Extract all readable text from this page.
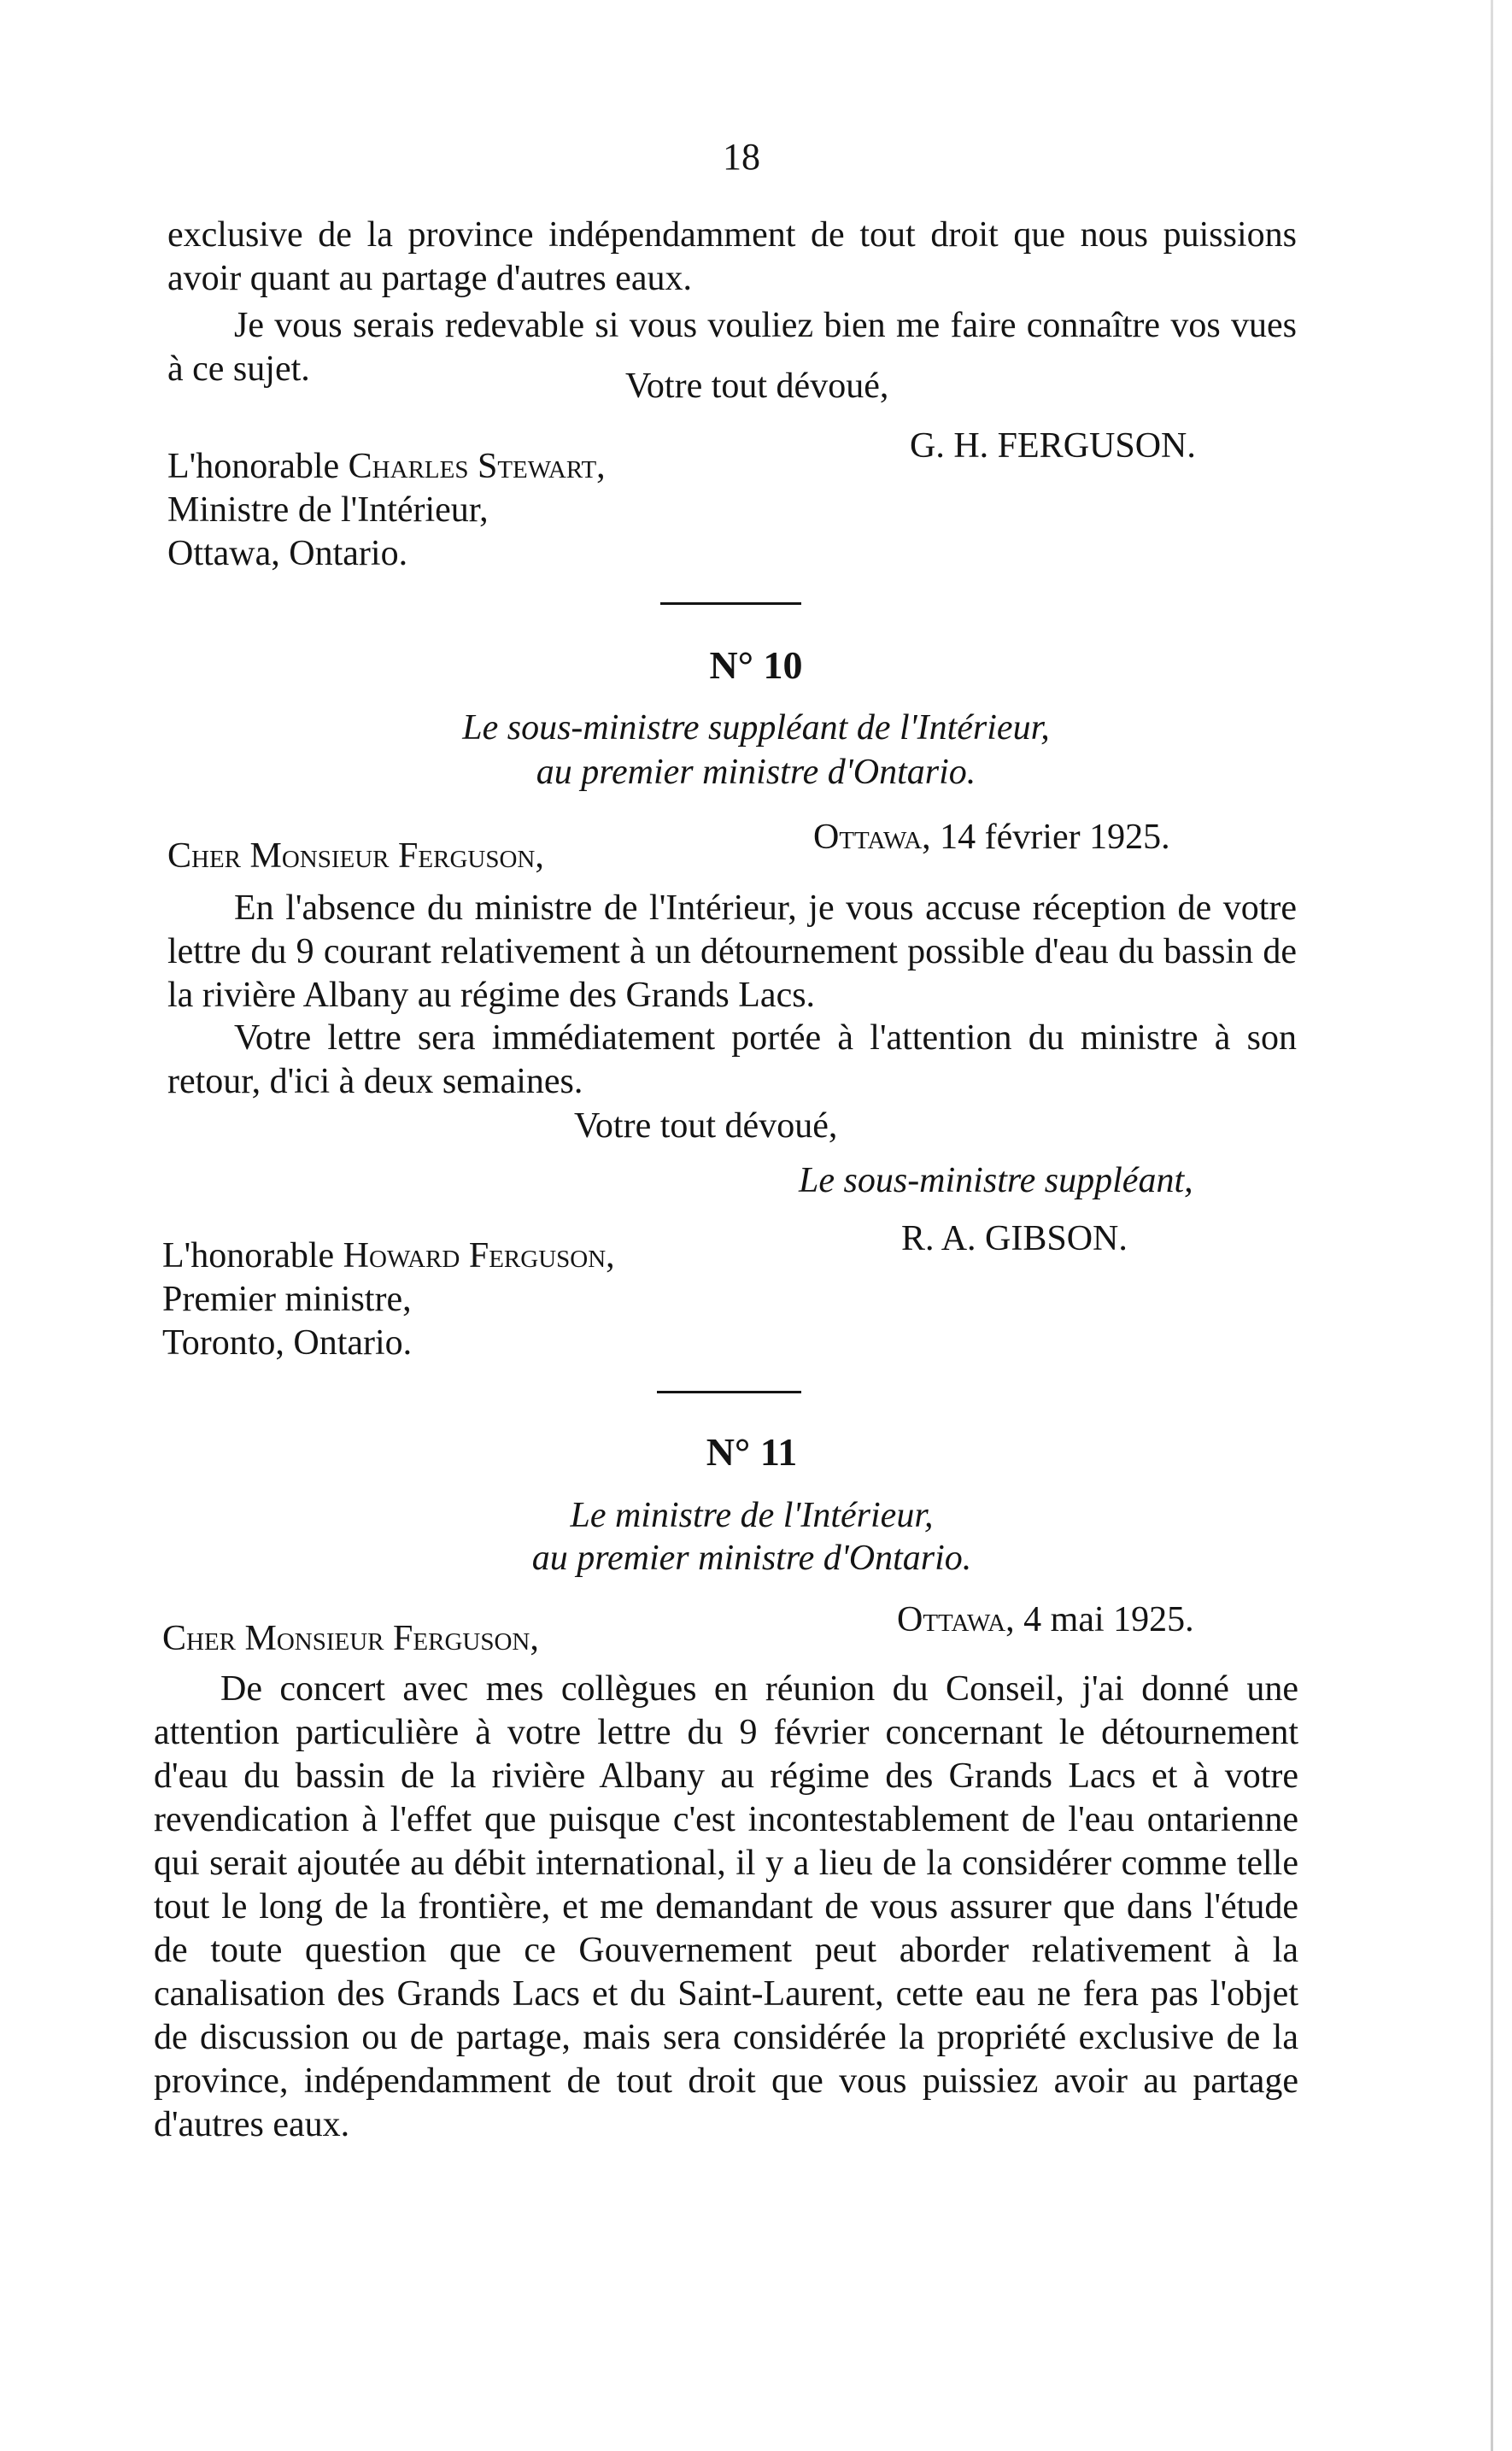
18

exclusive de la province indépendamment de tout droit que nous puissions avoir quant au partage d'autres eaux.

Je vous serais redevable si vous vouliez bien me faire connaître vos vues à ce sujet.	Votre tout dévoué,
G. H. FERGUSON.
L'honorable Charles Stewart,
Ministre de l'Intérieur,
Ottawa, Ontario.
N° 10
Le sous-ministre suppléant de l'Intérieur,
au premier ministre d'Ontario.
Ottawa, 14 février 1925.
Cher Monsieur Ferguson,

En l'absence du ministre de l'Intérieur, je vous accuse réception de votre lettre du 9 courant relativement à un détournement possible d'eau du bassin de la rivière Albany au régime des Grands Lacs.

Votre lettre sera immédiatement portée à l'attention du ministre à son retour, d'ici à deux semaines.

Votre tout dévoué,
Le sous-ministre suppléant,
R. A. GIBSON.
L'honorable Howard Ferguson,
Premier ministre,
Toronto, Ontario.
N° 11
Le ministre de l'Intérieur,
au premier ministre d'Ontario.
Ottawa, 4 mai 1925.
Cher Monsieur Ferguson,

De concert avec mes collègues en réunion du Conseil, j'ai donné une attention particulière à votre lettre du 9 février concernant le détournement d'eau du bassin de la rivière Albany au régime des Grands Lacs et à votre revendication à l'effet que puisque c'est incontestablement de l'eau ontarienne qui serait ajoutée au débit international, il y a lieu de la considérer comme telle tout le long de la frontière, et me demandant de vous assurer que dans l'étude de toute question que ce Gouvernement peut aborder relativement à la canalisation des Grands Lacs et du Saint-Laurent, cette eau ne fera pas l'objet de discussion ou de partage, mais sera considérée la propriété exclusive de la province, indépendamment de tout droit que vous puissiez avoir au partage d'autres eaux.
